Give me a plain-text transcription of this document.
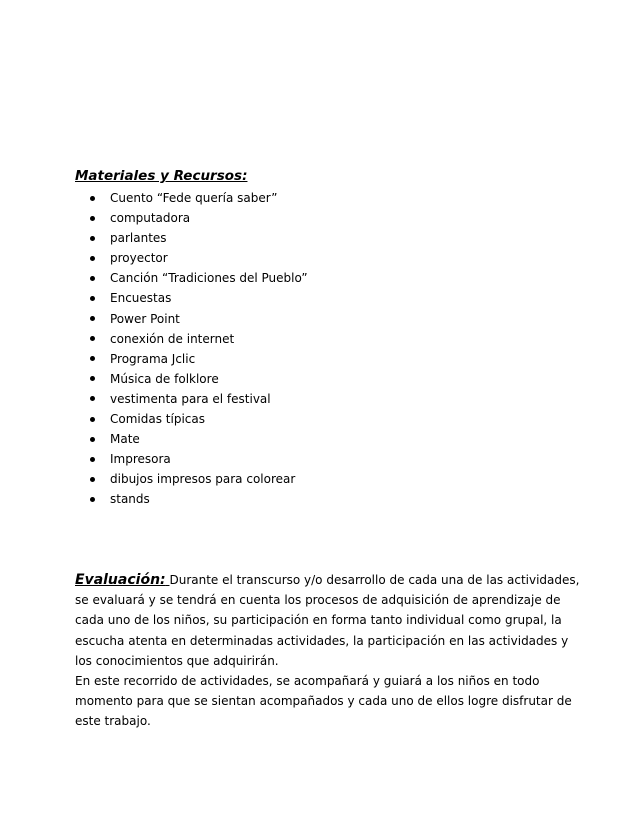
Materiales y Recursos:

Cuento “Fede quería saber”
computadora
parlantes
proyector
Canción “Tradiciones del Pueblo”
Encuestas
Power Point
conexión de internet
Programa Jclic
Música de folklore
vestimenta para el festival
Comidas típicas
Mate
Impresora
dibujos impresos para colorear
stands
Evaluación: Durante el transcurso y/o desarrollo de cada una de las actividades,
se evaluará y se tendrá en cuenta los procesos de adquisición de aprendizaje de
cada uno de los niños, su participación en forma tanto individual como grupal, la
escucha atenta en determinadas actividades, la participación en las actividades y
los conocimientos que adquirirán.
En este recorrido de actividades, se acompañará y guiará a los niños en todo
momento para que se sientan acompañados y cada uno de ellos logre disfrutar de
este trabajo.
